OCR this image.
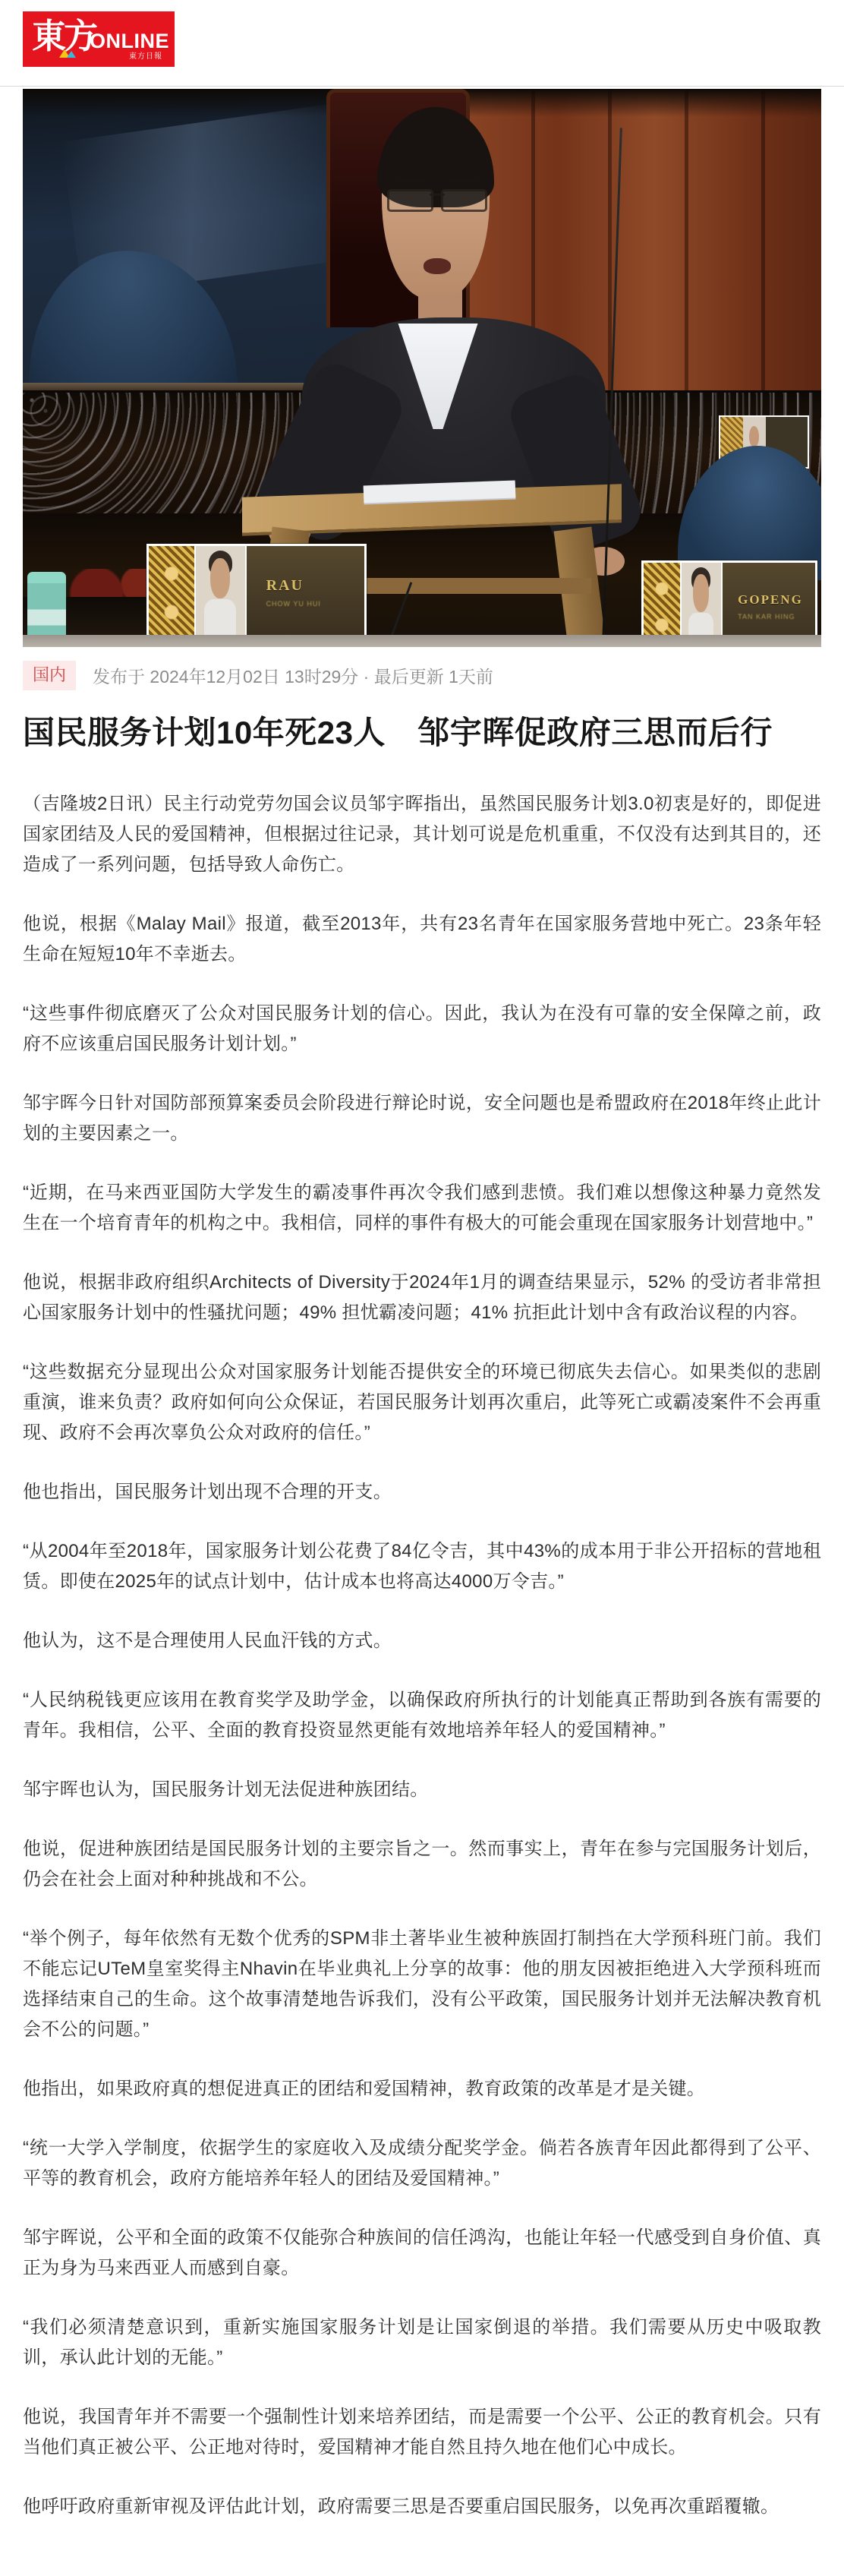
東方
ONLINE
東方日報
RAU
CHOW YU HUI	GOPENG
TAN KAR HING
国内	发布于 2024年12月02日 13时29分 · 最后更新 1天前
国民服务计划10年死23人　邹宇晖促政府三思而后行

（吉隆坡2日讯）民主行动党劳勿国会议员邹宇晖指出，虽然国民服务计划3.0初衷是好的，即促进国家团结及人民的爱国精神，但根据过往记录，其计划可说是危机重重，不仅没有达到其目的，还造成了一系列问题，包括导致人命伤亡。

他说，根据《Malay Mail》报道，截至2013年，共有23名青年在国家服务营地中死亡。23条年轻生命在短短10年不幸逝去。

“这些事件彻底磨灭了公众对国民服务计划的信心。因此，我认为在没有可靠的安全保障之前，政府不应该重启国民服务计划计划。”

邹宇晖今日针对国防部预算案委员会阶段进行辩论时说，安全问题也是希盟政府在2018年终止此计划的主要因素之一。

“近期，在马来西亚国防大学发生的霸凌事件再次令我们感到悲愤。我们难以想像这种暴力竟然发生在一个培育青年的机构之中。我相信，同样的事件有极大的可能会重现在国家服务计划营地中。”

他说，根据非政府组织Architects of Diversity于2024年1月的调查结果显示，52% 的受访者非常担心国家服务计划中的性骚扰问题；49% 担忧霸凌问题；41% 抗拒此计划中含有政治议程的内容。

“这些数据充分显现出公众对国家服务计划能否提供安全的环境已彻底失去信心。如果类似的悲剧重演，谁来负责？政府如何向公众保证，若国民服务计划再次重启，此等死亡或霸凌案件不会再重现、政府不会再次辜负公众对政府的信任。”

他也指出，国民服务计划出现不合理的开支。

“从2004年至2018年，国家服务计划公花费了84亿令吉，其中43%的成本用于非公开招标的营地租赁。即使在2025年的试点计划中，估计成本也将高达4000万令吉。”

他认为，这不是合理使用人民血汗钱的方式。

“人民纳税钱更应该用在教育奖学及助学金，以确保政府所执行的计划能真正帮助到各族有需要的青年。我相信，公平、全面的教育投资显然更能有效地培养年轻人的爱国精神。”

邹宇晖也认为，国民服务计划无法促进种族团结。

他说，促进种族团结是国民服务计划的主要宗旨之一。然而事实上，青年在参与完国服务计划后，仍会在社会上面对种种挑战和不公。

“举个例子，每年依然有无数个优秀的SPM非土著毕业生被种族固打制挡在大学预科班门前。我们不能忘记UTeM皇室奖得主Nhavin在毕业典礼上分享的故事：他的朋友因被拒绝进入大学预科班而选择结束自己的生命。这个故事清楚地告诉我们，没有公平政策，国民服务计划并无法解决教育机会不公的问题。”

他指出，如果政府真的想促进真正的团结和爱国精神，教育政策的改革是才是关键。

“统一大学入学制度，依据学生的家庭收入及成绩分配奖学金。倘若各族青年因此都得到了公平、平等的教育机会，政府方能培养年轻人的团结及爱国精神。”

邹宇晖说，公平和全面的政策不仅能弥合种族间的信任鸿沟，也能让年轻一代感受到自身价值、真正为身为马来西亚人而感到自豪。

“我们必须清楚意识到，重新实施国家服务计划是让国家倒退的举措。我们需要从历史中吸取教训，承认此计划的无能。”

他说，我国青年并不需要一个强制性计划来培养团结，而是需要一个公平、公正的教育机会。只有当他们真正被公平、公正地对待时，爱国精神才能自然且持久地在他们心中成长。

他呼吁政府重新审视及评估此计划，政府需要三思是否要重启国民服务，以免再次重蹈覆辙。
